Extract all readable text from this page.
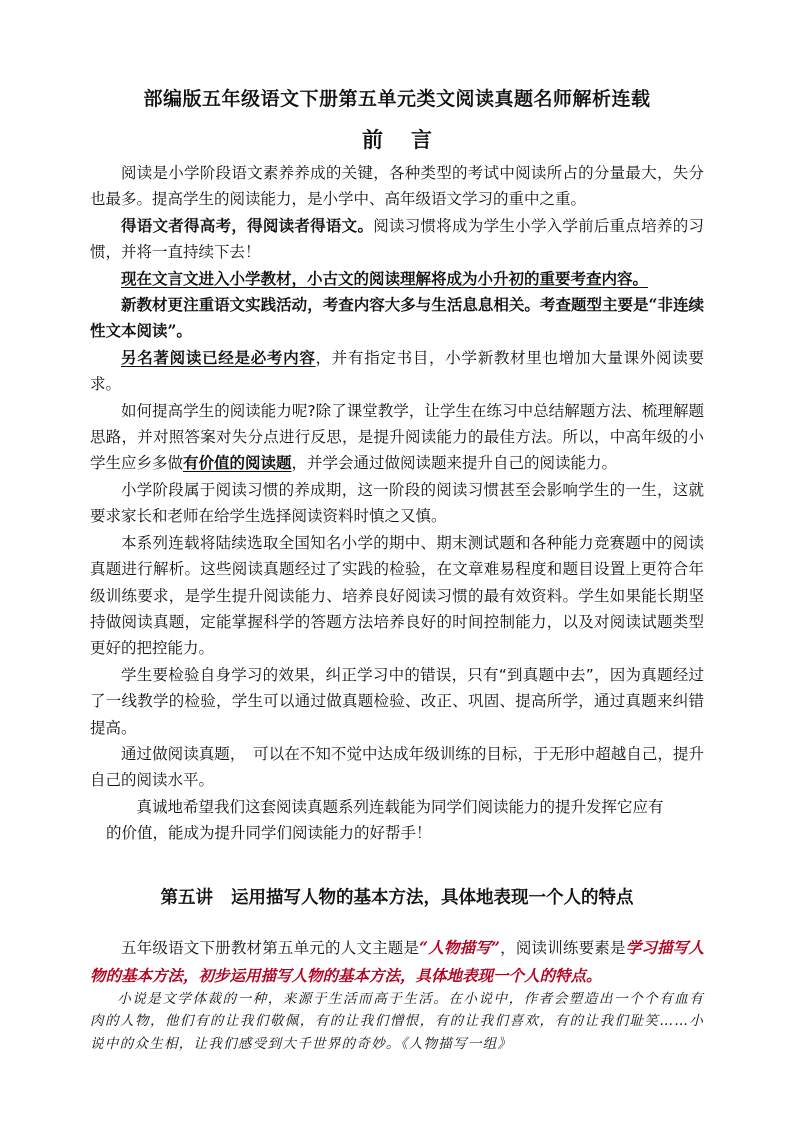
部编版五年级语文下册第五单元类文阅读真题名师解析连载
前 言

阅读是小学阶段语文素养养成的关键，各种类型的考试中阅读所占的分量最大，失分也最多。提高学生的阅读能力，是小学中、高年级语文学习的重中之重。

得语文者得高考，得阅读者得语文。阅读习惯将成为学生小学入学前后重点培养的习惯，并将一直持续下去！

现在文言文进入小学教材，小古文的阅读理解将成为小升初的重要考查内容。

新教材更注重语文实践活动，考查内容大多与生活息息相关。考查题型主要是“非连续性文本阅读”。

另名著阅读已经是必考内容，并有指定书目，小学新教材里也增加大量课外阅读要求。

如何提高学生的阅读能力呢?除了课堂教学，让学生在练习中总结解题方法、梳理解题思路，并对照答案对失分点进行反思，是提升阅读能力的最佳方法。所以，中高年级的小学生应乡多做有价值的阅读题，并学会通过做阅读题来提升自己的阅读能力。

小学阶段属于阅读习惯的养成期，这一阶段的阅读习惯甚至会影响学生的一生，这就要求家长和老师在给学生选择阅读资料时慎之又慎。

本系列连载将陆续选取全国知名小学的期中、期末测试题和各种能力竞赛题中的阅读真题进行解析。这些阅读真题经过了实践的检验，在文章难易程度和题目设置上更符合年级训练要求，是学生提升阅读能力、培养良好阅读习惯的最有效资料。学生如果能长期坚持做阅读真题，定能掌握科学的答题方法培养良好的时间控制能力，以及对阅读试题类型更好的把控能力。

学生要检验自身学习的效果，纠正学习中的错误，只有“到真题中去”，因为真题经过了一线教学的检验，学生可以通过做真题检验、改正、巩固、提高所学，通过真题来纠错提高。

通过做阅读真题，　可以在不知不觉中达成年级训练的目标，于无形中超越自己，提升自己的阅读水平。

真诚地希望我们这套阅读真题系列连载能为同学们阅读能力的提升发挥它应有

的价值，能成为提升同学们阅读能力的好帮手！

第五讲 运用描写人物的基本方法，具体地表现一个人的特点

五年级语文下册教材第五单元的人文主题是“人物描写”，阅读训练要素是学习描写人物的基本方法，初步运用描写人物的基本方法，具体地表现一个人的特点。

小说是文学体裁的一种，来源于生活而高于生活。在小说中，作者会塑造出一个个有血有肉的人物，他们有的让我们敬佩，有的让我们憎恨，有的让我们喜欢，有的让我们耻笑……小说中的众生相，让我们感受到大千世界的奇妙。《人物描写一组》
